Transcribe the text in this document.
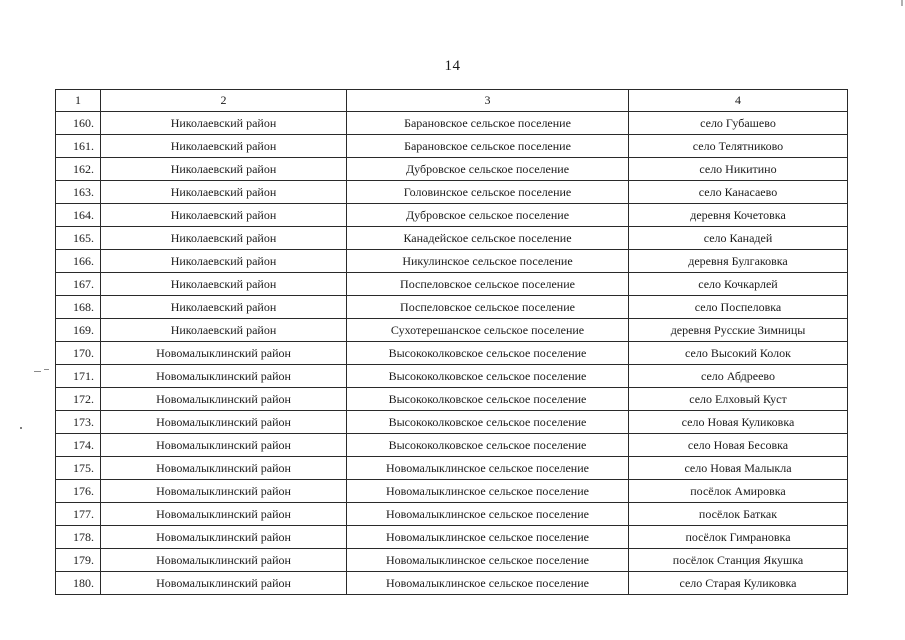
14
1	2	3	4
160.	Николаевский район	Барановское сельское поселение	село Губашево
161.	Николаевский район	Барановское сельское поселение	село Телятниково
162.	Николаевский район	Дубровское сельское поселение	село Никитино
163.	Николаевский район	Головинское сельское поселение	село Канасаево
164.	Николаевский район	Дубровское сельское поселение	деревня Кочетовка
165.	Николаевский район	Канадейское сельское поселение	село Канадей
166.	Николаевский район	Никулинское сельское поселение	деревня Булгаковка
167.	Николаевский район	Поспеловское сельское поселение	село Кочкарлей
168.	Николаевский район	Поспеловское сельское поселение	село Поспеловка
169.	Николаевский район	Сухотерешанское сельское поселение	деревня Русские Зимницы
170.	Новомалыклинский район	Высококолковское сельское поселение	село Высокий Колок
171.	Новомалыклинский район	Высококолковское сельское поселение	село Абдреево
172.	Новомалыклинский район	Высококолковское сельское поселение	село Елховый Куст
173.	Новомалыклинский район	Высококолковское сельское поселение	село Новая Куликовка
174.	Новомалыклинский район	Высококолковское сельское поселение	село Новая Бесовка
175.	Новомалыклинский район	Новомалыклинское сельское поселение	село Новая Малыкла
176.	Новомалыклинский район	Новомалыклинское сельское поселение	посёлок Амировка
177.	Новомалыклинский район	Новомалыклинское сельское поселение	посёлок Баткак
178.	Новомалыклинский район	Новомалыклинское сельское поселение	посёлок Гимрановка
179.	Новомалыклинский район	Новомалыклинское сельское поселение	посёлок Станция Якушка
180.	Новомалыклинский район	Новомалыклинское сельское поселение	село Старая Куликовка
